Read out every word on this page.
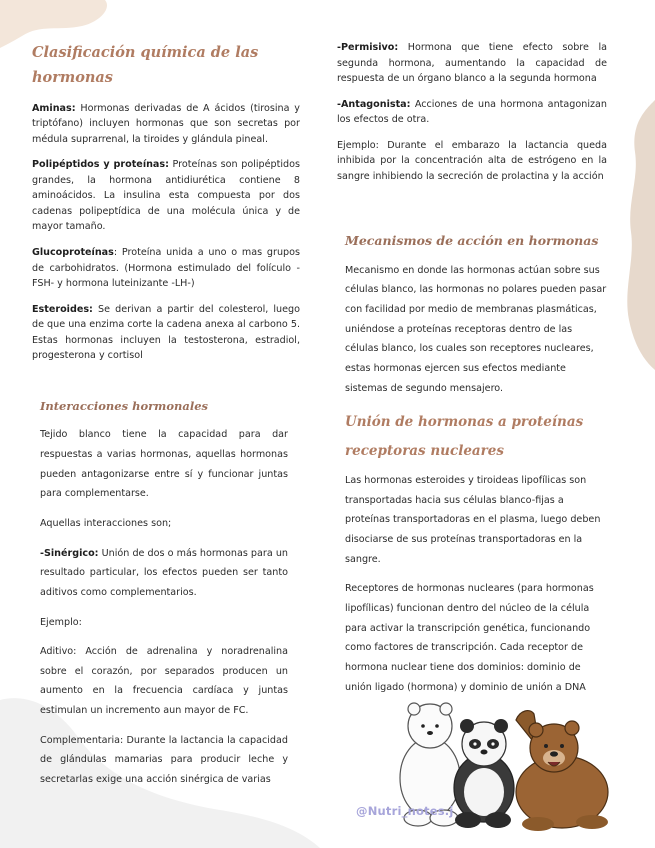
Clasificación química de las hormonas

Aminas: Hormonas derivadas de A ácidos (tirosina y triptófano) incluyen hormonas que son secretas por médula suprarrenal, la tiroides y glándula pineal.

Polipéptidos y proteínas: Proteínas son polipéptidos grandes, la hormona antidiurética contiene 8 aminoácidos. La insulina esta compuesta por dos cadenas polipeptídica de una molécula única y de mayor tamaño.

Glucoproteínas: Proteína unida a uno o mas grupos de carbohidratos. (Hormona estimulado del folículo -FSH- y hormona luteinizante -LH-)

Esteroides: Se derivan a partir del colesterol, luego de que una enzima corte la cadena anexa al carbono 5. Estas hormonas incluyen la testosterona, estradiol, progesterona y cortisol

Interacciones hormonales

Tejido blanco tiene la capacidad para dar respuestas a varias hormonas, aquellas hormonas pueden antagonizarse entre sí y funcionar juntas para complementarse.

Aquellas interacciones son;

-Sinérgico: Unión de dos o más hormonas para un resultado particular, los efectos pueden ser tanto aditivos como complementarios.

Ejemplo:

Aditivo: Acción de adrenalina y noradrenalina sobre el corazón, por separados producen un aumento en la frecuencia cardíaca y juntas estimulan un incremento aun mayor de FC.

Complementaria: Durante la lactancia la capacidad de glándulas mamarias para producir leche y secretarlas exige una acción sinérgica de varias

-Permisivo: Hormona que tiene efecto sobre la segunda hormona, aumentando la capacidad de respuesta de un órgano blanco a la segunda hormona

-Antagonista: Acciones de una hormona antagonizan los efectos de otra.

Ejemplo: Durante el embarazo la lactancia queda inhibida por la concentración alta de estrógeno en la sangre inhibiendo la secreción de prolactina y la acción

Mecanismos de acción en hormonas

Mecanismo en donde las hormonas actúan sobre sus células blanco, las hormonas no polares pueden pasar con facilidad por medio de membranas plasmáticas, uniéndose a proteínas receptoras dentro de las células blanco, los cuales son receptores nucleares, estas hormonas ejercen sus efectos mediante sistemas de segundo mensajero.

Unión de hormonas a proteínas receptoras nucleares

Las hormonas esteroides y tiroideas lipofílicas son transportadas hacia sus células blanco-fijas a proteínas transportadoras en el plasma, luego deben disociarse de sus proteínas transportadoras en la sangre.

Receptores de hormonas nucleares (para hormonas lipofílicas) funcionan dentro del núcleo de la célula para activar la transcripción genética, funcionando como factores de transcripción. Cada receptor de hormona nuclear tiene dos dominios: dominio de unión ligado (hormona) y dominio de unión a DNA

@Nutri_notes.j
